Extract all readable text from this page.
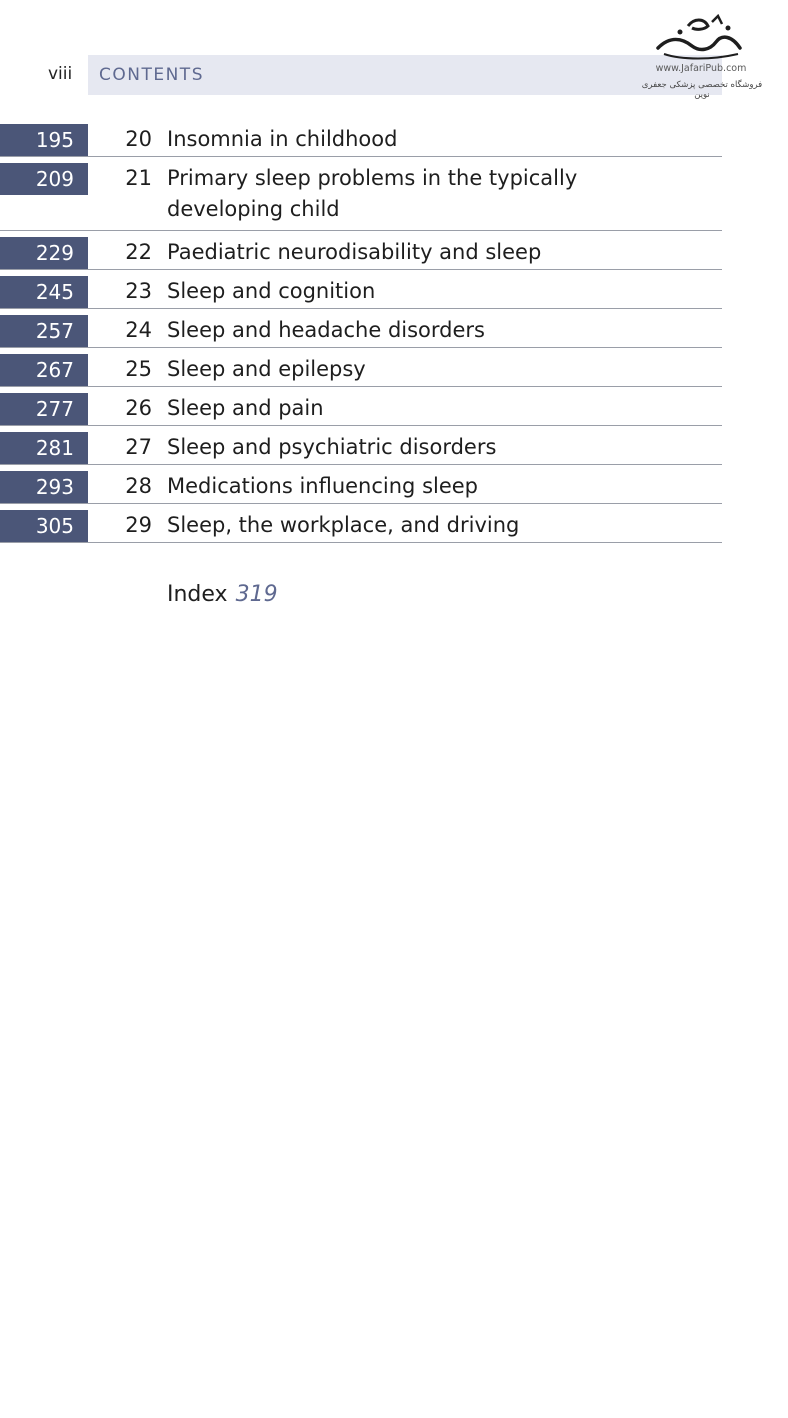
viii CONTENTS	www.JafariPub.com
فروشگاه تخصصی پزشکی جعفری نوین
195	20 Insomnia in childhood
209	21 Primary sleep problems in the typically developing child
229	22 Paediatric neurodisability and sleep
245	23 Sleep and cognition
257	24 Sleep and headache disorders
267	25 Sleep and epilepsy
277	26 Sleep and pain
281	27 Sleep and psychiatric disorders
293	28 Medications influencing sleep
305	29 Sleep, the workplace, and driving
Index 319
